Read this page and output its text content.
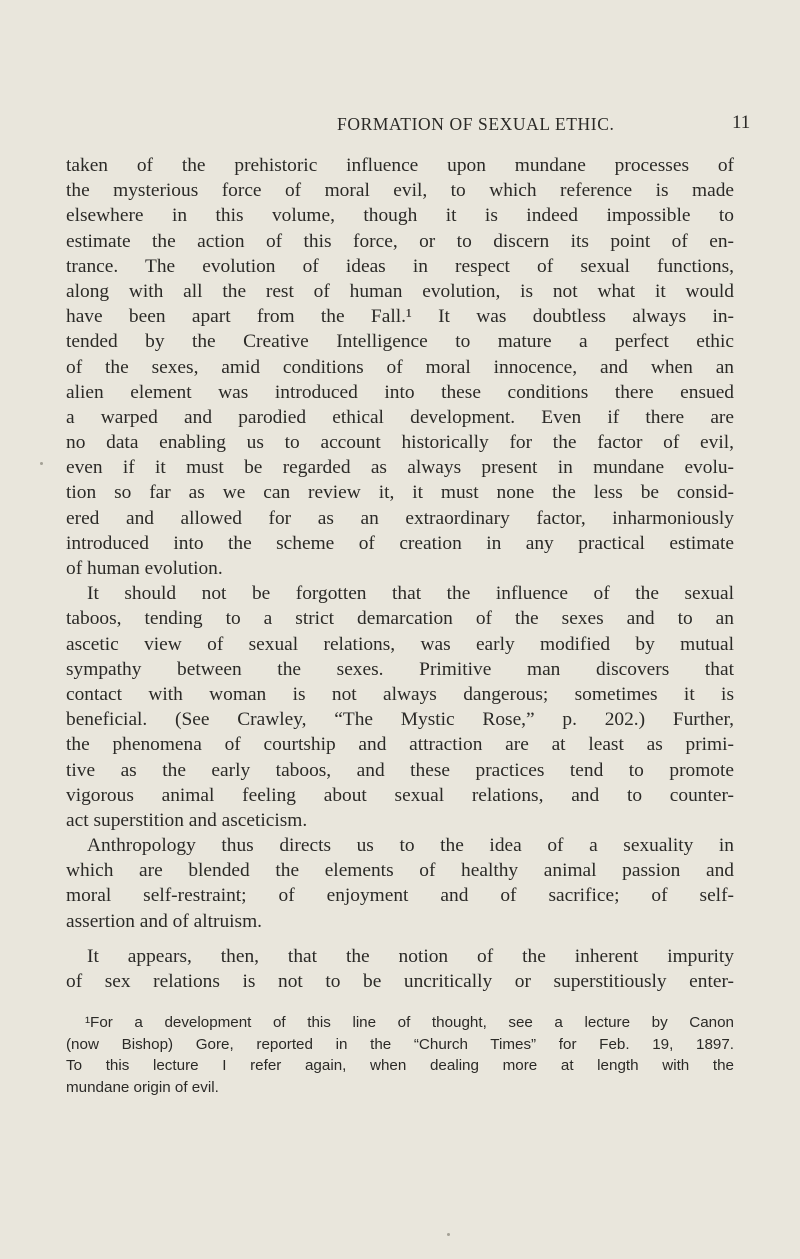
FORMATION OF SEXUAL ETHIC.	11
taken of the prehistoric influence upon mundane processes of
the mysterious force of moral evil, to which reference is made
elsewhere in this volume, though it is indeed impossible to
estimate the action of this force, or to discern its point of en-
trance. The evolution of ideas in respect of sexual functions,
along with all the rest of human evolution, is not what it would
have been apart from the Fall.¹ It was doubtless always in-
tended by the Creative Intelligence to mature a perfect ethic
of the sexes, amid conditions of moral innocence, and when an
alien element was introduced into these conditions there ensued
a warped and parodied ethical development. Even if there are
no data enabling us to account historically for the factor of evil,
even if it must be regarded as always present in mundane evolu-
tion so far as we can review it, it must none the less be consid-
ered and allowed for as an extraordinary factor, inharmoniously
introduced into the scheme of creation in any practical estimate
of human evolution.
It should not be forgotten that the influence of the sexual
taboos, tending to a strict demarcation of the sexes and to an
ascetic view of sexual relations, was early modified by mutual
sympathy between the sexes. Primitive man discovers that
contact with woman is not always dangerous; sometimes it is
beneficial. (See Crawley, “The Mystic Rose,” p. 202.) Further,
the phenomena of courtship and attraction are at least as primi-
tive as the early taboos, and these practices tend to promote
vigorous animal feeling about sexual relations, and to counter-
act superstition and asceticism.
Anthropology thus directs us to the idea of a sexuality in
which are blended the elements of healthy animal passion and
moral self-restraint; of enjoyment and of sacrifice; of self-
assertion and of altruism.
It appears, then, that the notion of the inherent impurity
of sex relations is not to be uncritically or superstitiously enter-
¹For a development of this line of thought, see a lecture by Canon
(now Bishop) Gore, reported in the “Church Times” for Feb. 19, 1897.
To this lecture I refer again, when dealing more at length with the
mundane origin of evil.
